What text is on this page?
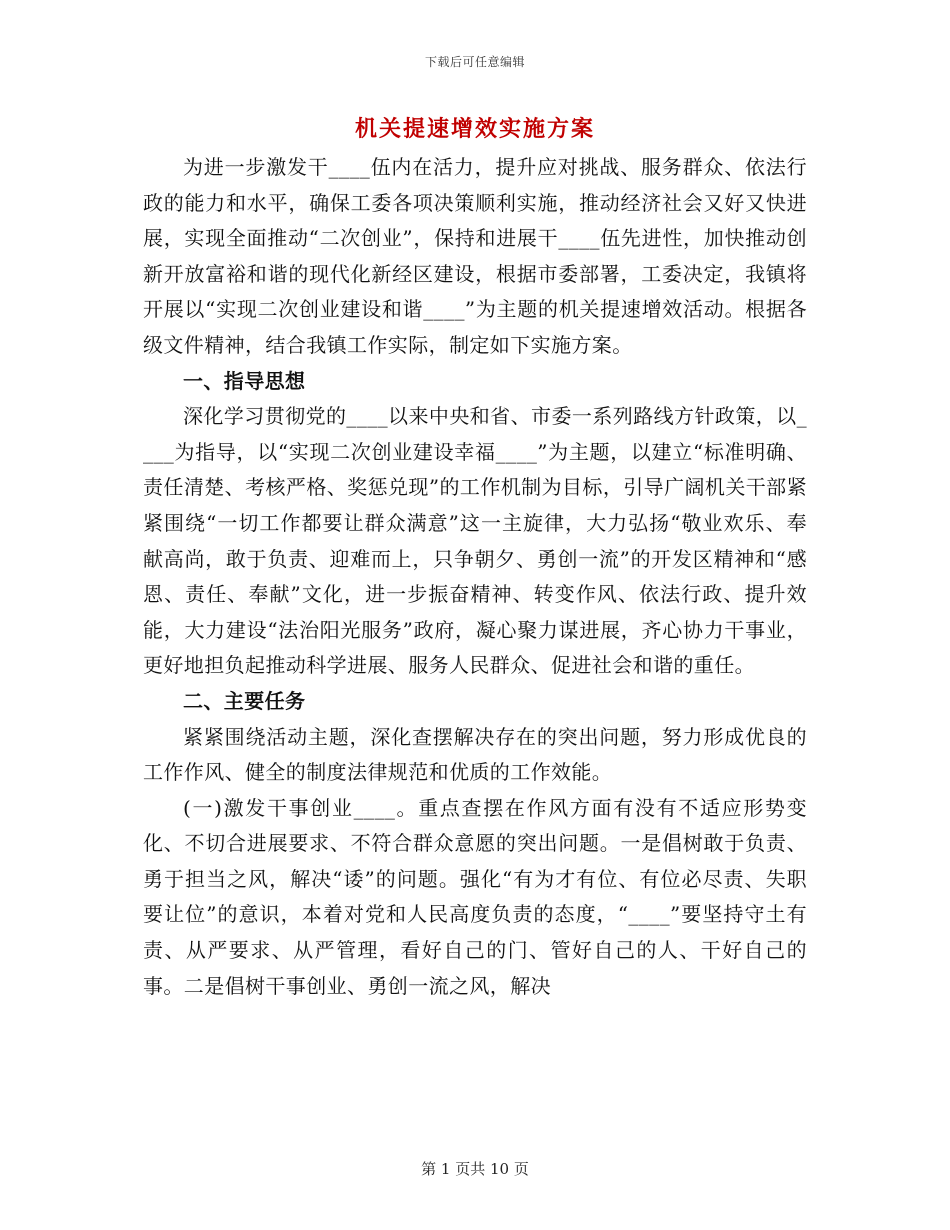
下载后可任意编辑
机关提速增效实施方案

为进一步激发干____伍内在活力，提升应对挑战、服务群众、依法行政的能力和水平，确保工委各项决策顺利实施，推动经济社会又好又快进展，实现全面推动“二次创业”，保持和进展干____伍先进性，加快推动创新开放富裕和谐的现代化新经区建设，根据市委部署，工委决定，我镇将开展以“实现二次创业建设和谐____”为主题的机关提速增效活动。根据各级文件精神，结合我镇工作实际，制定如下实施方案。

一、指导思想

深化学习贯彻党的____以来中央和省、市委一系列路线方针政策，以____为指导，以“实现二次创业建设幸福____”为主题，以建立“标准明确、责任清楚、考核严格、奖惩兑现”的工作机制为目标，引导广阔机关干部紧紧围绕“一切工作都要让群众满意”这一主旋律，大力弘扬“敬业欢乐、奉献高尚，敢于负责、迎难而上，只争朝夕、勇创一流”的开发区精神和“感恩、责任、奉献”文化，进一步振奋精神、转变作风、依法行政、提升效能，大力建设“法治阳光服务”政府，凝心聚力谋进展，齐心协力干事业，更好地担负起推动科学进展、服务人民群众、促进社会和谐的重任。

二、主要任务

紧紧围绕活动主题，深化查摆解决存在的突出问题，努力形成优良的工作作风、健全的制度法律规范和优质的工作效能。

(一)激发干事创业____。重点查摆在作风方面有没有不适应形势变化、不切合进展要求、不符合群众意愿的突出问题。一是倡树敢于负责、勇于担当之风，解决“诿”的问题。强化“有为才有位、有位必尽责、失职要让位”的意识，本着对党和人民高度负责的态度，“____”要坚持守土有责、从严要求、从严管理，看好自己的门、管好自己的人、干好自己的事。二是倡树干事创业、勇创一流之风，解决

第 1 页共 10 页
